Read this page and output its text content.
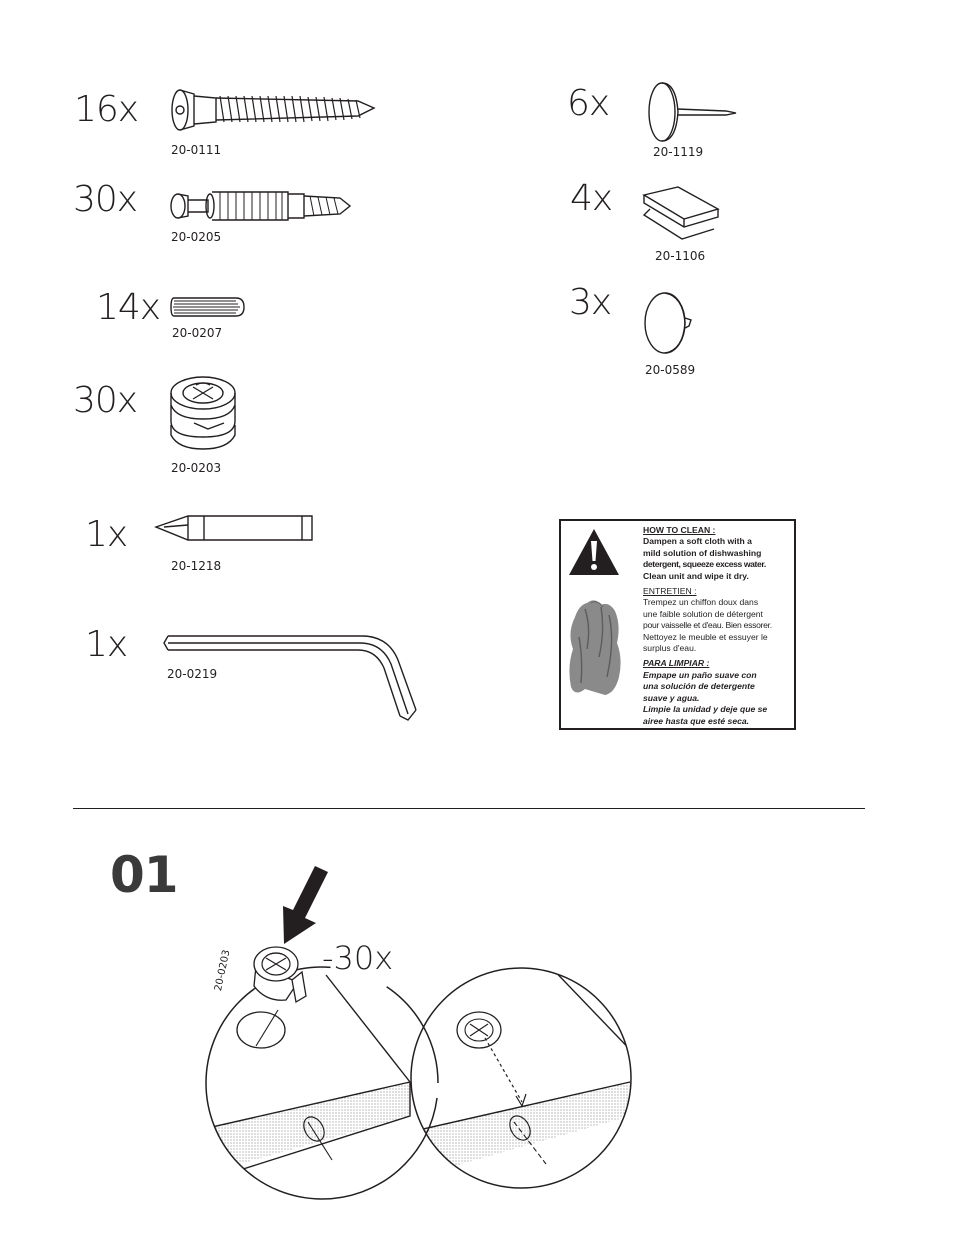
16x
20-0111
30x
20-0205
14x
20-0207
30x
20-0203
1x
20-1218
1x
20-0219
6x
20-1119
4x
20-1106
3x
20-0589
HOW TO CLEAN :
Dampen a soft cloth with a
mild solution of dishwashing
detergent, squeeze excess water.
Clean unit and wipe it dry.
ENTRETIEN :
Trempez un chiffon doux dans
une faible solution de détergent
pour vaisselle et d'eau. Bien essorer.
Nettoyez le meuble et essuyer le
surplus d'eau.
PARA LIMPIAR :
Empape un paño suave con
una solución de detergente
suave y agua.
Limpie la unidad y deje que se
airee hasta que esté seca.
01
-30x
20-0203
